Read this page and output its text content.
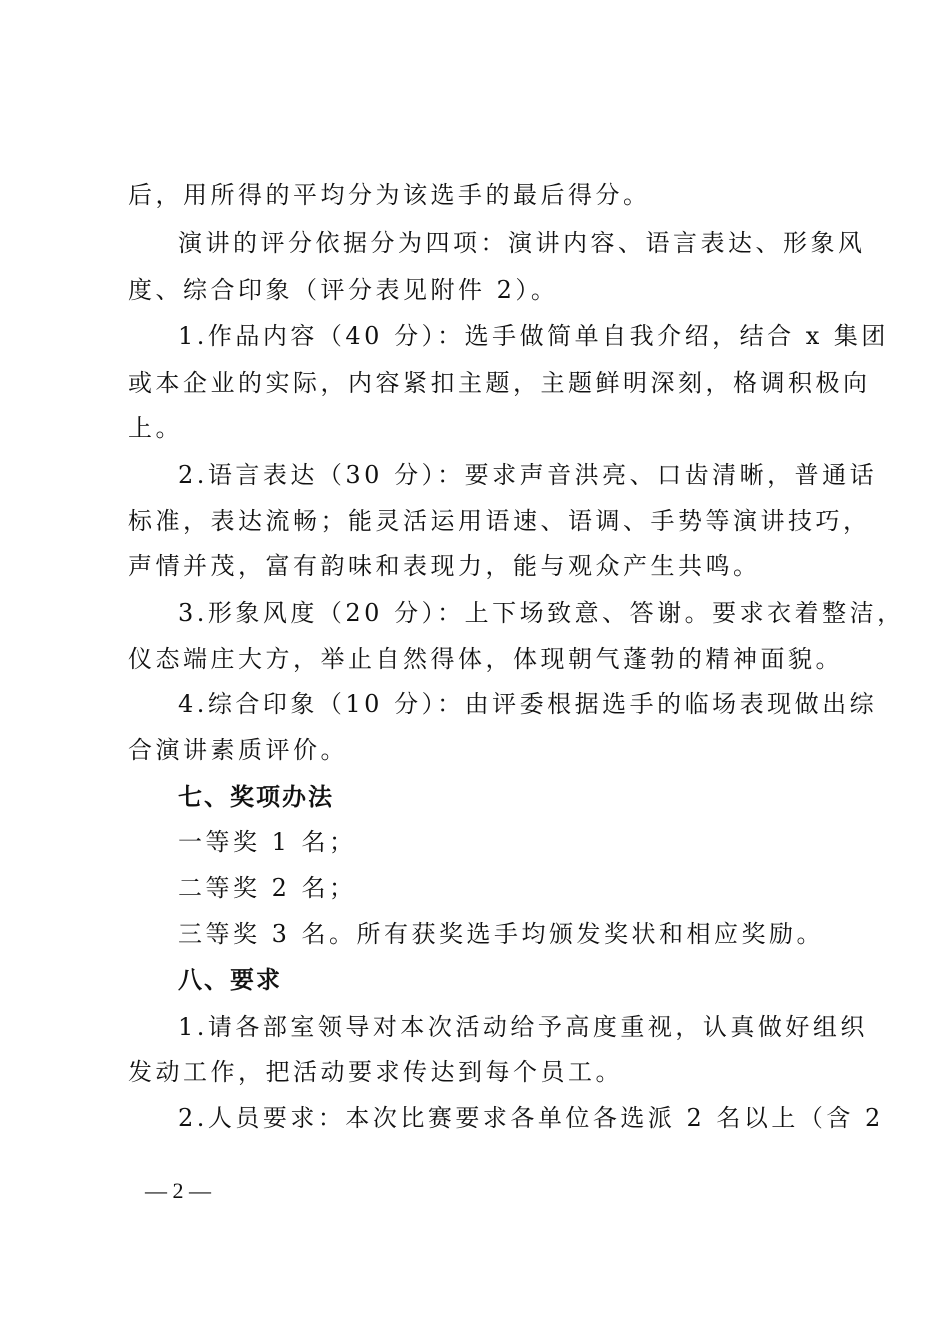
后，用所得的平均分为该选手的最后得分。
演讲的评分依据分为四项：演讲内容、语言表达、形象风
度、综合印象（评分表见附件 2）。
1.作品内容（40 分）：选手做简单自我介绍，结合 x 集团
或本企业的实际，内容紧扣主题，主题鲜明深刻，格调积极向
上。
2.语言表达（30 分）：要求声音洪亮、口齿清晰，普通话
标准，表达流畅；能灵活运用语速、语调、手势等演讲技巧，
声情并茂，富有韵味和表现力，能与观众产生共鸣。
3.形象风度（20 分）：上下场致意、答谢。要求衣着整洁，
仪态端庄大方，举止自然得体，体现朝气蓬勃的精神面貌。
4.综合印象（10 分）：由评委根据选手的临场表现做出综
合演讲素质评价。
七、奖项办法
一等奖 1 名；
二等奖 2 名；
三等奖 3 名。所有获奖选手均颁发奖状和相应奖励。
八、要求
1.请各部室领导对本次活动给予高度重视，认真做好组织
发动工作，把活动要求传达到每个员工。
2.人员要求：本次比赛要求各单位各选派 2 名以上（含 2
— 2 —
